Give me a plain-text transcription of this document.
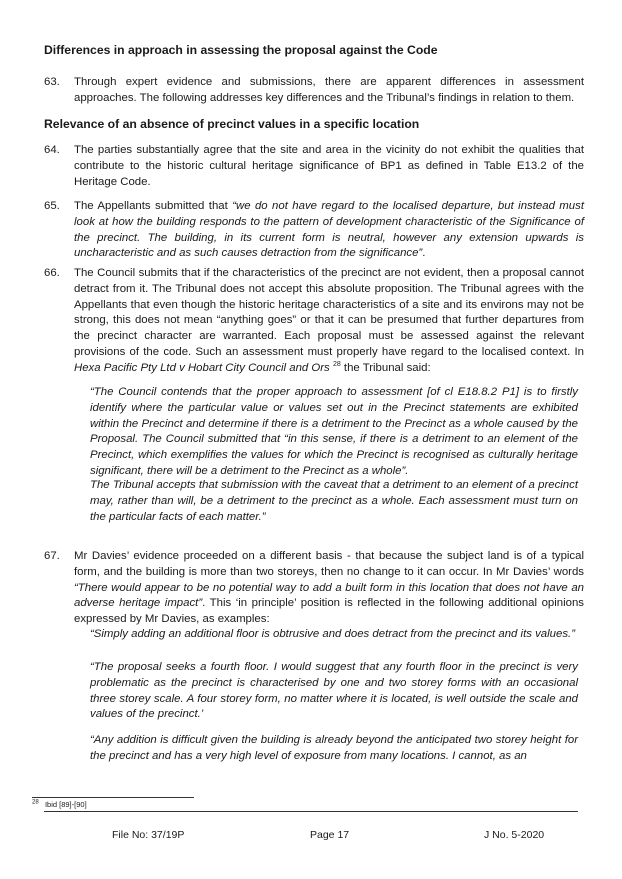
Differences in approach in assessing the proposal against the Code
63.	Through expert evidence and submissions, there are apparent differences in assessment approaches. The following addresses key differences and the Tribunal’s findings in relation to them.
Relevance of an absence of precinct values in a specific location
64.	The parties substantially agree that the site and area in the vicinity do not exhibit the qualities that contribute to the historic cultural heritage significance of BP1 as defined in Table E13.2 of the Heritage Code.
65.	The Appellants submitted that “we do not have regard to the localised departure, but instead must look at how the building responds to the pattern of development characteristic of the Significance of the precinct. The building, in its current form is neutral, however any extension upwards is uncharacteristic and as such causes detraction from the significance”.
66.	The Council submits that if the characteristics of the precinct are not evident, then a proposal cannot detract from it. The Tribunal does not accept this absolute proposition. The Tribunal agrees with the Appellants that even though the historic heritage characteristics of a site and its environs may not be strong, this does not mean “anything goes” or that it can be presumed that further departures from the precinct character are warranted. Each proposal must be assessed against the relevant provisions of the code. Such an assessment must properly have regard to the localised context. In Hexa Pacific Pty Ltd v Hobart City Council and Ors $^{28}$ the Tribunal said:
“The Council contends that the proper approach to assessment [of cl E18.8.2 P1] is to firstly identify where the particular value or values set out in the Precinct statements are exhibited within the Precinct and determine if there is a detriment to the Precinct as a whole caused by the Proposal. The Council submitted that “in this sense, if there is a detriment to an element of the Precinct, which exemplifies the values for which the Precinct is recognised as culturally heritage significant, there will be a detriment to the Precinct as a whole”.
The Tribunal accepts that submission with the caveat that a detriment to an element of a precinct may, rather than will, be a detriment to the precinct as a whole. Each assessment must turn on the particular facts of each matter.”
67.	Mr Davies’ evidence proceeded on a different basis - that because the subject land is of a typical form, and the building is more than two storeys, then no change to it can occur. In Mr Davies’ words “There would appear to be no potential way to add a built form in this location that does not have an adverse heritage impact”. This ‘in principle’ position is reflected in the following additional opinions expressed by Mr Davies, as examples:
“Simply adding an additional floor is obtrusive and does detract from the precinct and its values.”
“The proposal seeks a fourth floor. I would suggest that any fourth floor in the precinct is very problematic as the precinct is characterised by one and two storey forms with an occasional three storey scale. A four storey form, no matter where it is located, is well outside the scale and values of the precinct.’
“Any addition is difficult given the building is already beyond the anticipated two storey height for the precinct and has a very high level of exposure from many locations. I cannot, as an
$^{28}$ Ibid [89]-[90]
File No: 37/19P	Page 17	J No. 5-2020
